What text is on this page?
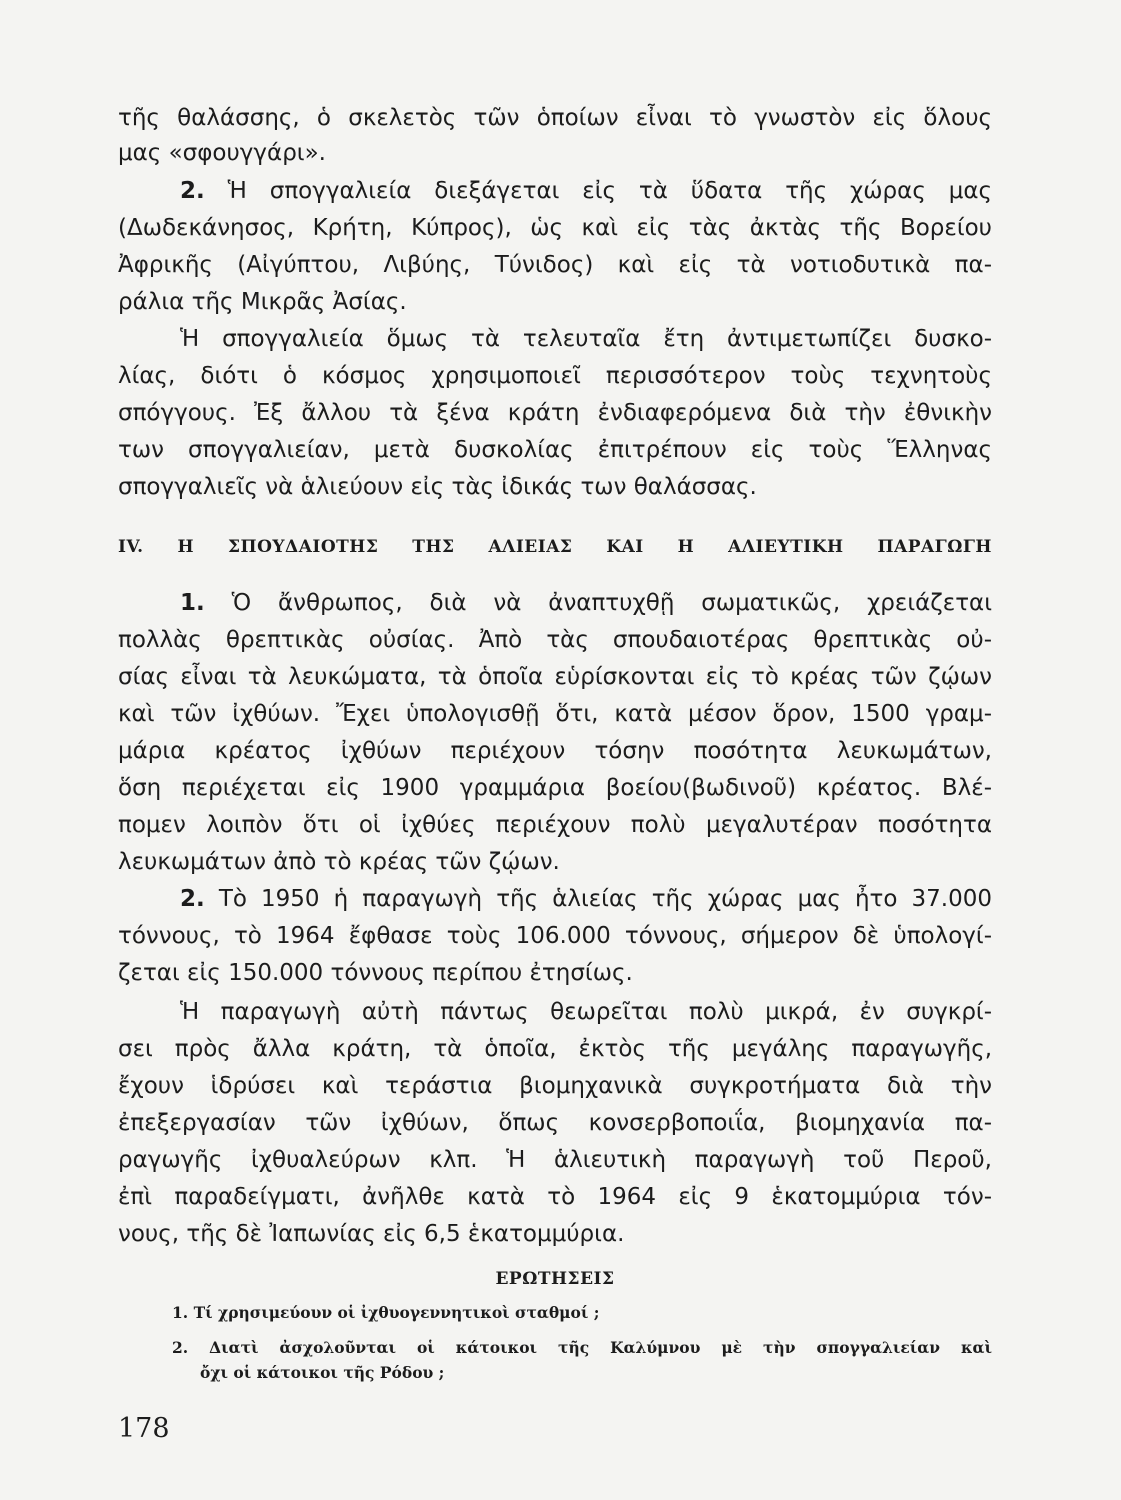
τῆς θαλάσσης, ὁ σκελετὸς τῶν ὁποίων εἶναι τὸ γνωστὸν εἰς ὅλους
μας «σφουγγάρι».
2. Ἡ σπογγαλιεία διεξάγεται εἰς τὰ ὕδατα τῆς χώρας μας
(Δωδεκάνησος, Κρήτη, Κύπρος), ὡς καὶ εἰς τὰς ἀκτὰς τῆς Βορείου
Ἀφρικῆς (Αἰγύπτου, Λιβύης, Τύνιδος) καὶ εἰς τὰ νοτιοδυτικὰ πα-
ράλια τῆς Μικρᾶς Ἀσίας.
Ἡ σπογγαλιεία ὅμως τὰ τελευταῖα ἔτη ἀντιμετωπίζει δυσκο-
λίας, διότι ὁ κόσμος χρησιμοποιεῖ περισσότερον τοὺς τεχνητοὺς
σπόγγους. Ἐξ ἄλλου τὰ ξένα κράτη ἐνδιαφερόμενα διὰ τὴν ἐθνικὴν
των σπογγαλιείαν, μετὰ δυσκολίας ἐπιτρέπουν εἰς τοὺς Ἕλληνας
σπογγαλιεῖς νὰ ἁλιεύουν εἰς τὰς ἰδικάς των θαλάσσας.
IV. Η ΣΠΟΥΔΑΙΟΤΗΣ ΤΗΣ ΑΛΙΕΙΑΣ ΚΑΙ Η ΑΛΙΕΥΤΙΚΗ ΠΑΡΑΓΩΓΗ
1. Ὁ ἄνθρωπος, διὰ νὰ ἀναπτυχθῇ σωματικῶς, χρειάζεται
πολλὰς θρεπτικὰς οὐσίας. Ἀπὸ τὰς σπουδαιοτέρας θρεπτικὰς οὐ-
σίας εἶναι τὰ λευκώματα, τὰ ὁποῖα εὑρίσκονται εἰς τὸ κρέας τῶν ζῴων
καὶ τῶν ἰχθύων. Ἔχει ὑπολογισθῇ ὅτι, κατὰ μέσον ὅρον, 1500 γραμ-
μάρια κρέατος ἰχθύων περιέχουν τόσην ποσότητα λευκωμάτων,
ὅση περιέχεται εἰς 1900 γραμμάρια βοείου(βωδινοῦ) κρέατος. Βλέ-
πομεν λοιπὸν ὅτι οἱ ἰχθύες περιέχουν πολὺ μεγαλυτέραν ποσότητα
λευκωμάτων ἀπὸ τὸ κρέας τῶν ζῴων.
2. Τὸ 1950 ἡ παραγωγὴ τῆς ἁλιείας τῆς χώρας μας ἦτο 37.000
τόννους, τὸ 1964 ἔφθασε τοὺς 106.000 τόννους, σήμερον δὲ ὑπολογί-
ζεται εἰς 150.000 τόννους περίπου ἐτησίως.
Ἡ παραγωγὴ αὐτὴ πάντως θεωρεῖται πολὺ μικρά, ἐν συγκρί-
σει πρὸς ἄλλα κράτη, τὰ ὁποῖα, ἐκτὸς τῆς μεγάλης παραγωγῆς,
ἔχουν ἱδρύσει καὶ τεράστια βιομηχανικὰ συγκροτήματα διὰ τὴν
ἐπεξεργασίαν τῶν ἰχθύων, ὅπως κονσερβοποιΐα, βιομηχανία πα-
ραγωγῆς ἰχθυαλεύρων κλπ. Ἡ ἁλιευτικὴ παραγωγὴ τοῦ Περοῦ,
ἐπὶ παραδείγματι, ἀνῆλθε κατὰ τὸ 1964 εἰς 9 ἑκατομμύρια τόν-
νους, τῆς δὲ Ἰαπωνίας εἰς 6,5 ἑκατομμύρια.
ΕΡΩΤΗΣΕΙΣ
1. Τί χρησιμεύουν οἱ ἰχθυογεννητικοὶ σταθμοί ;
2. Διατὶ ἀσχολοῦνται οἱ κάτοικοι τῆς Καλύμνου μὲ τὴν σπογγαλιείαν καὶ
ὄχι οἱ κάτοικοι τῆς Ρόδου ;
178
